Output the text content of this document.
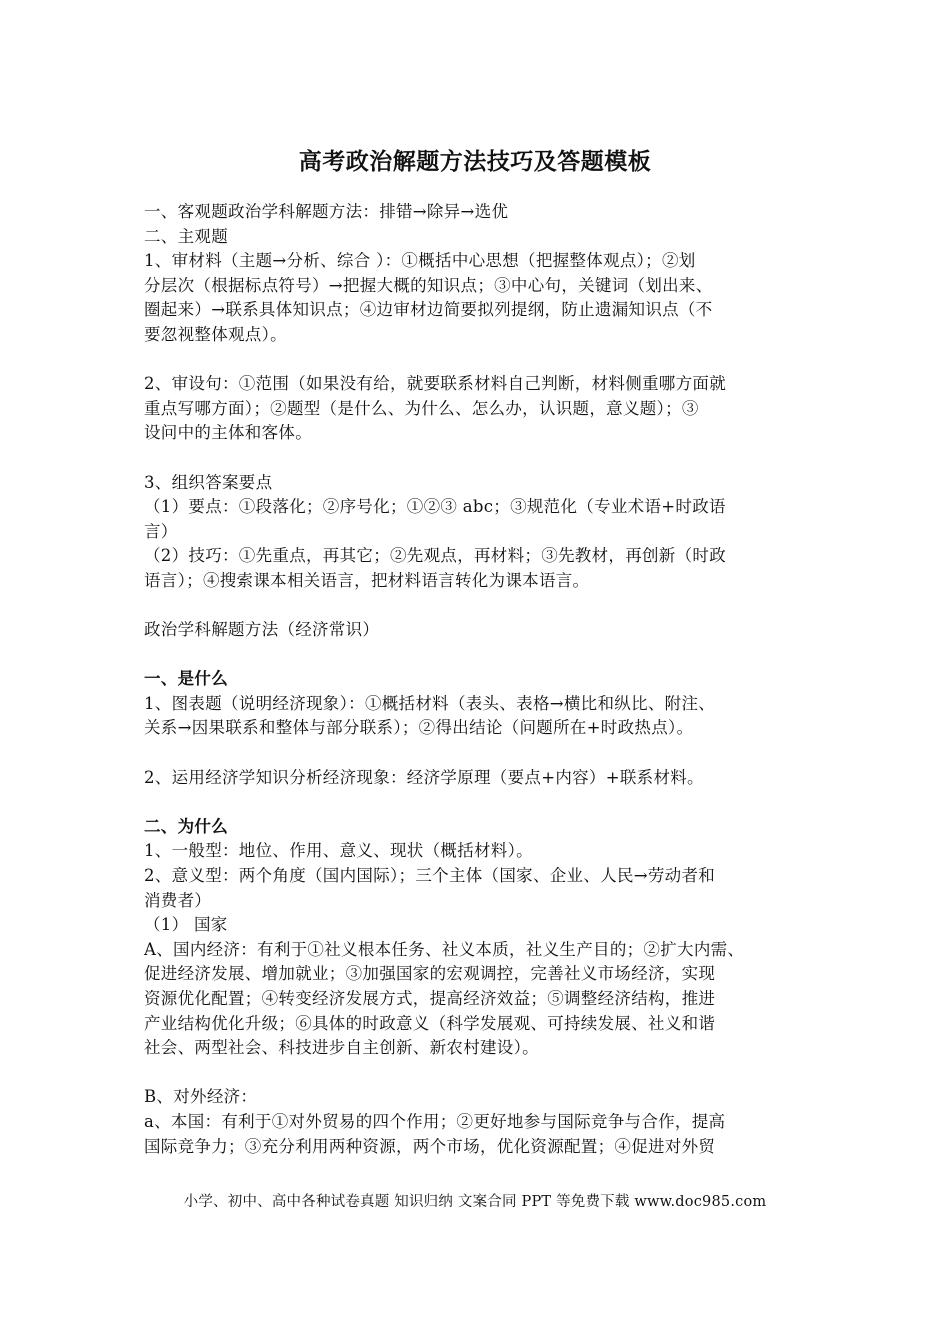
高考政治解题方法技巧及答题模板
一、客观题政治学科解题方法：排错→除异→选优
二、主观题
1、审材料（主题→分析、综合 ）：①概括中心思想（把握整体观点）；②划
分层次（根据标点符号）→把握大概的知识点；③中心句，关键词（划出来、
圈起来）→联系具体知识点；④边审材边简要拟列提纲，防止遗漏知识点（不
要忽视整体观点）。
2、审设句：①范围（如果没有给，就要联系材料自己判断，材料侧重哪方面就
重点写哪方面）；②题型（是什么、为什么、怎么办，认识题，意义题）；③
设问中的主体和客体。
3、组织答案要点
（1）要点：①段落化；②序号化；①②③ abc；③规范化（专业术语+时政语
言）
（2）技巧：①先重点，再其它；②先观点，再材料；③先教材，再创新（时政
语言）；④搜索课本相关语言，把材料语言转化为课本语言。
政治学科解题方法（经济常识）
一、是什么
1、图表题（说明经济现象）：①概括材料（表头、表格→横比和纵比、附注、
关系→因果联系和整体与部分联系）；②得出结论（问题所在+时政热点）。
2、运用经济学知识分析经济现象：经济学原理（要点+内容）+联系材料。
二、为什么
1、一般型：地位、作用、意义、现状（概括材料）。
2、意义型：两个角度（国内国际）；三个主体（国家、企业、人民→劳动者和
消费者）
（1） 国家
A、国内经济：有利于①社义根本任务、社义本质，社义生产目的；②扩大内需、
促进经济发展、增加就业；③加强国家的宏观调控，完善社义市场经济，实现
资源优化配置；④转变经济发展方式，提高经济效益；⑤调整经济结构，推进
产业结构优化升级；⑥具体的时政意义（科学发展观、可持续发展、社义和谐
社会、两型社会、科技进步自主创新、新农村建设）。
B、对外经济：
a、本国：有利于①对外贸易的四个作用；②更好地参与国际竞争与合作，提高
国际竞争力；③充分利用两种资源，两个市场，优化资源配置；④促进对外贸
小学、初中、高中各种试卷真题 知识归纳 文案合同 PPT 等免费下载 www.doc985.com
